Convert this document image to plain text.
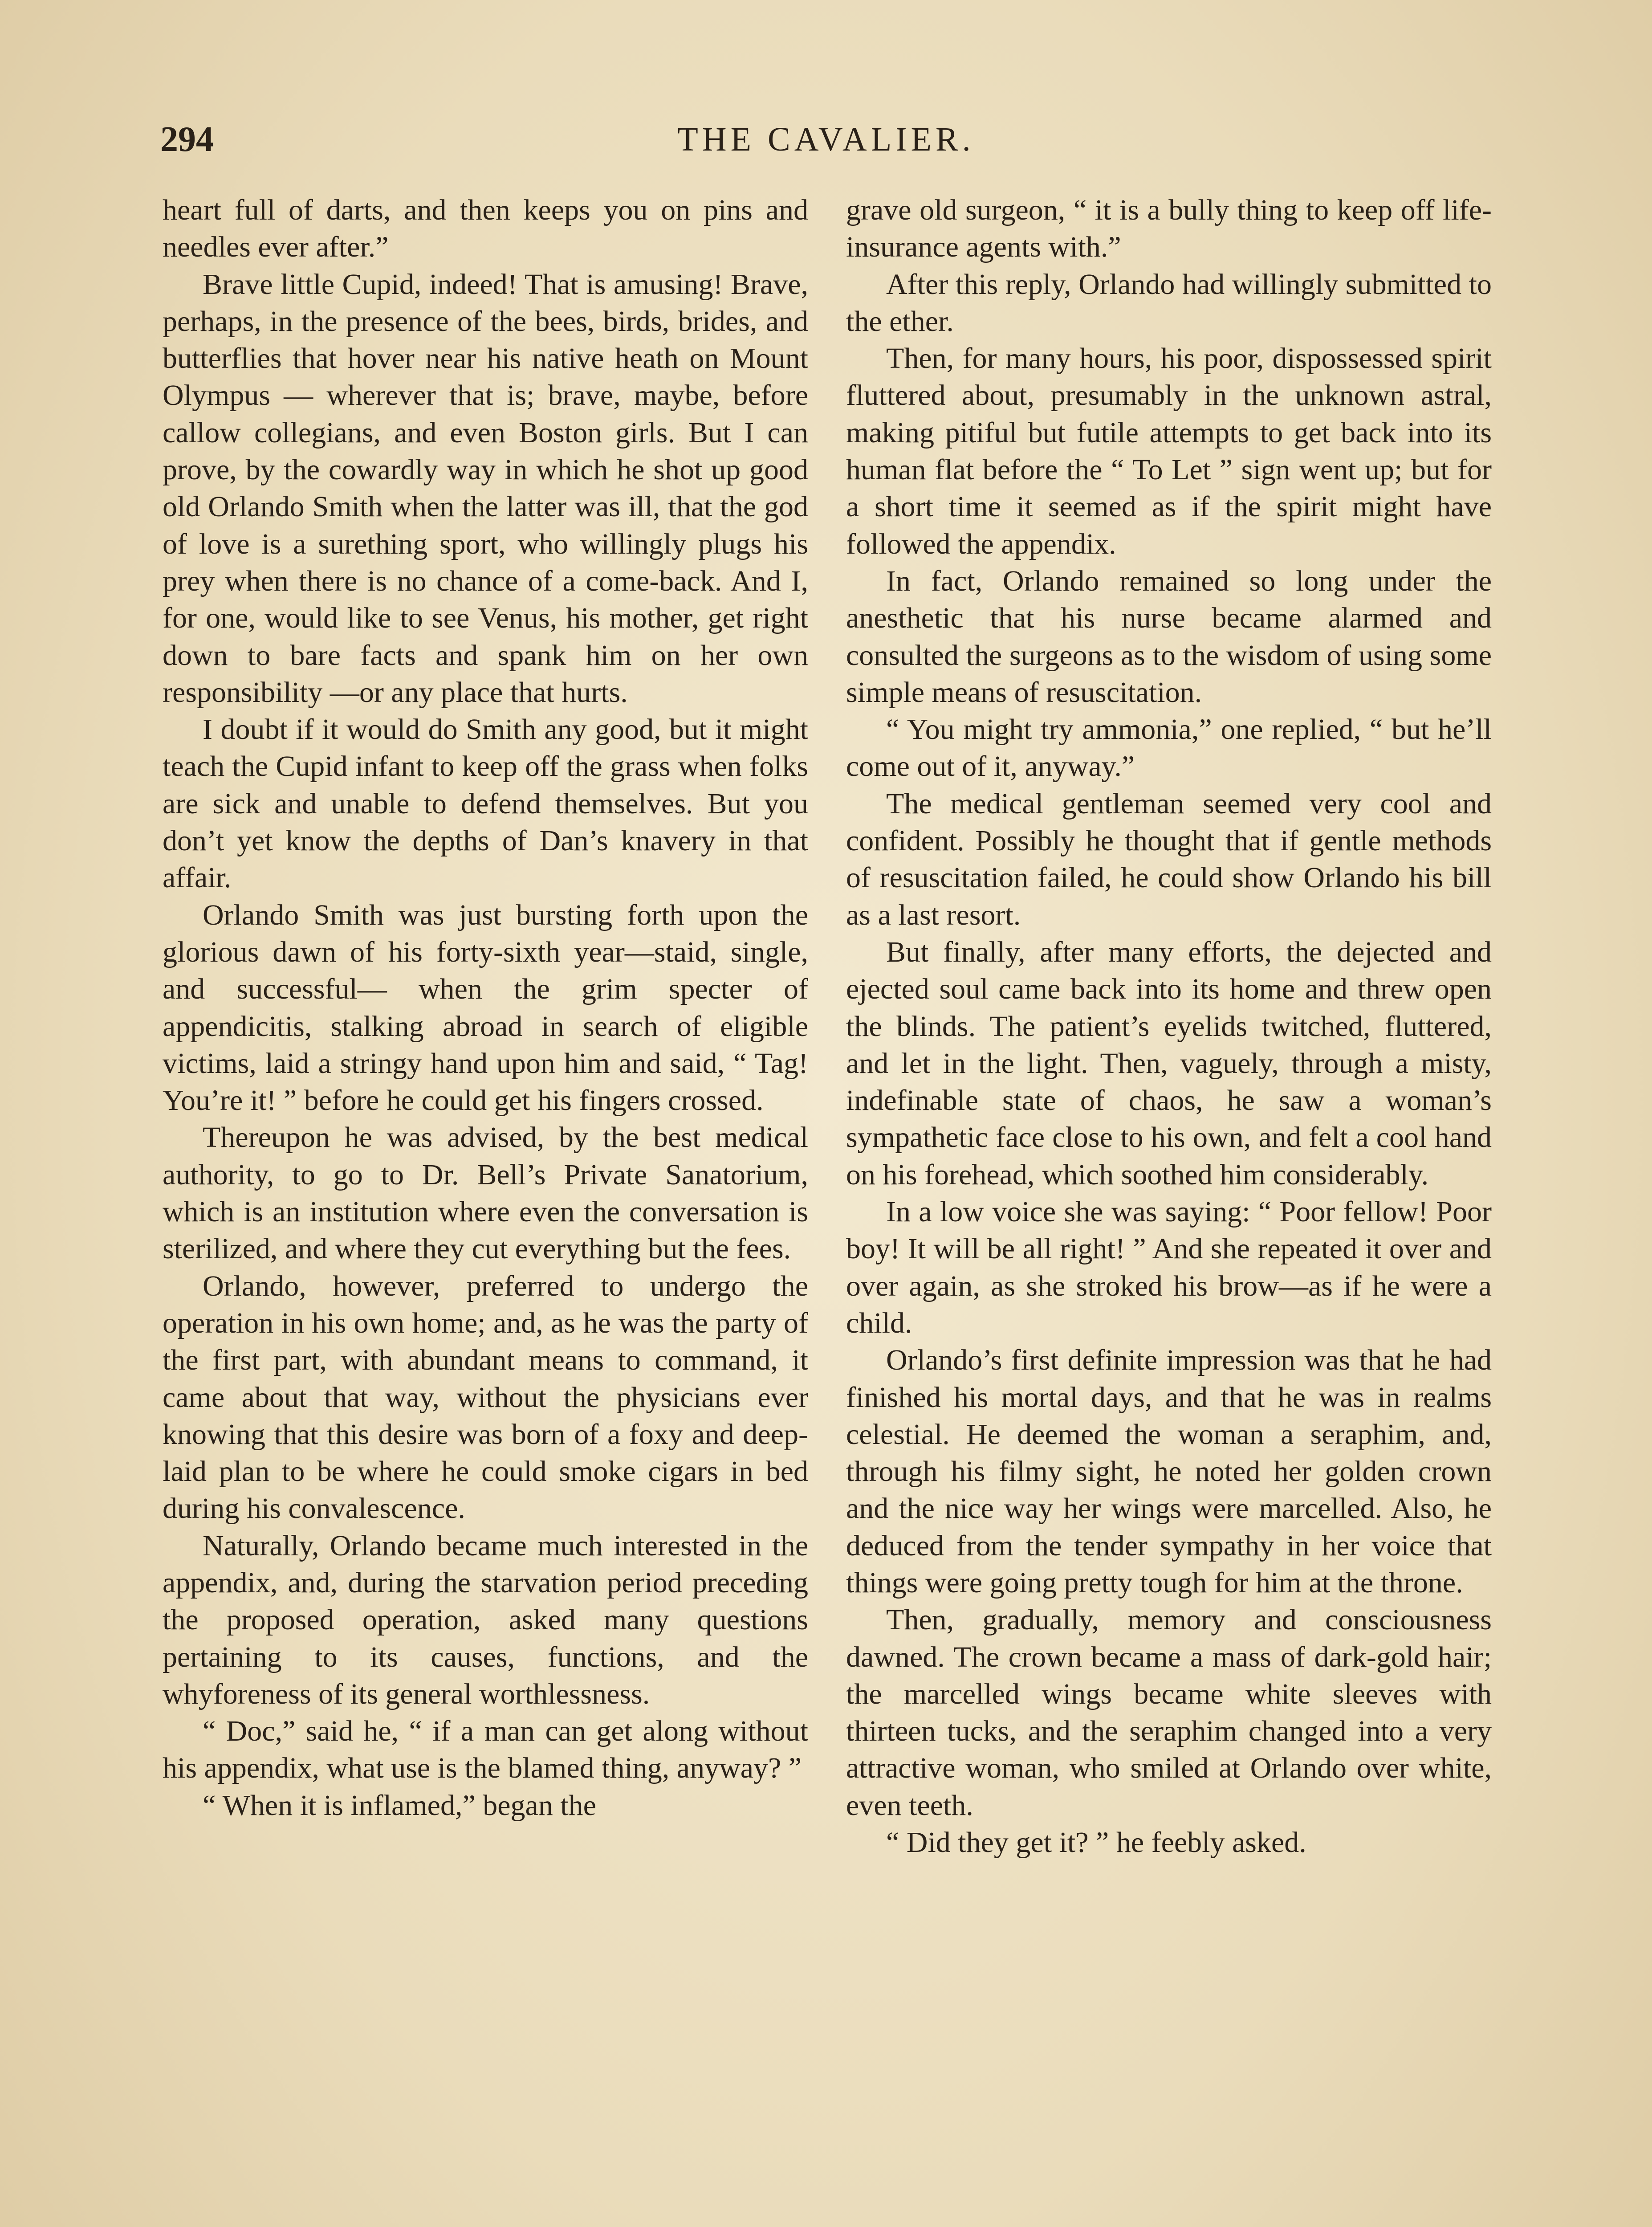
294	THE CAVALIER.

heart full of darts, and then keeps you on pins and needles ever after.”

Brave little Cupid, indeed! That is amusing! Brave, perhaps, in the presence of the bees, birds, brides, and butterflies that hover near his native heath on Mount Olympus — wherever that is; brave, maybe, before callow collegians, and even Boston girls. But I can prove, by the cowardly way in which he shot up good old Orlando Smith when the latter was ill, that the god of love is a surething sport, who willingly plugs his prey when there is no chance of a come-back. And I, for one, would like to see Venus, his mother, get right down to bare facts and spank him on her own responsibility —or any place that hurts.

I doubt if it would do Smith any good, but it might teach the Cupid infant to keep off the grass when folks are sick and unable to defend themselves. But you don’t yet know the depths of Dan’s knavery in that affair.

Orlando Smith was just bursting forth upon the glorious dawn of his forty-sixth year—staid, single, and successful— when the grim specter of appendicitis, stalking abroad in search of eligible victims, laid a stringy hand upon him and said, “ Tag! You’re it! ” before he could get his fingers crossed.

Thereupon he was advised, by the best medical authority, to go to Dr. Bell’s Private Sanatorium, which is an institution where even the conversation is sterilized, and where they cut everything but the fees.

Orlando, however, preferred to undergo the operation in his own home; and, as he was the party of the first part, with abundant means to command, it came about that way, without the physicians ever knowing that this desire was born of a foxy and deep-laid plan to be where he could smoke cigars in bed during his convalescence.

Naturally, Orlando became much interested in the appendix, and, during the starvation period preceding the proposed operation, asked many questions pertaining to its causes, functions, and the whyforeness of its general worthlessness.

“ Doc,” said he, “ if a man can get along without his appendix, what use is the blamed thing, anyway? ”

“ When it is inflamed,” began the

grave old surgeon, “ it is a bully thing to keep off life-insurance agents with.”

After this reply, Orlando had willingly submitted to the ether.

Then, for many hours, his poor, dispossessed spirit fluttered about, presumably in the unknown astral, making pitiful but futile attempts to get back into its human flat before the “ To Let ” sign went up; but for a short time it seemed as if the spirit might have followed the appendix.

In fact, Orlando remained so long under the anesthetic that his nurse became alarmed and consulted the surgeons as to the wisdom of using some simple means of resuscitation.

“ You might try ammonia,” one replied, “ but he’ll come out of it, anyway.”

The medical gentleman seemed very cool and confident. Possibly he thought that if gentle methods of resuscitation failed, he could show Orlando his bill as a last resort.

But finally, after many efforts, the dejected and ejected soul came back into its home and threw open the blinds. The patient’s eyelids twitched, fluttered, and let in the light. Then, vaguely, through a misty, indefinable state of chaos, he saw a woman’s sympathetic face close to his own, and felt a cool hand on his forehead, which soothed him considerably.

In a low voice she was saying: “ Poor fellow! Poor boy! It will be all right! ” And she repeated it over and over again, as she stroked his brow—as if he were a child.

Orlando’s first definite impression was that he had finished his mortal days, and that he was in realms celestial. He deemed the woman a seraphim, and, through his filmy sight, he noted her golden crown and the nice way her wings were marcelled. Also, he deduced from the tender sympathy in her voice that things were going pretty tough for him at the throne.

Then, gradually, memory and consciousness dawned. The crown became a mass of dark-gold hair; the marcelled wings became white sleeves with thirteen tucks, and the seraphim changed into a very attractive woman, who smiled at Orlando over white, even teeth.

“ Did they get it? ” he feebly asked.
